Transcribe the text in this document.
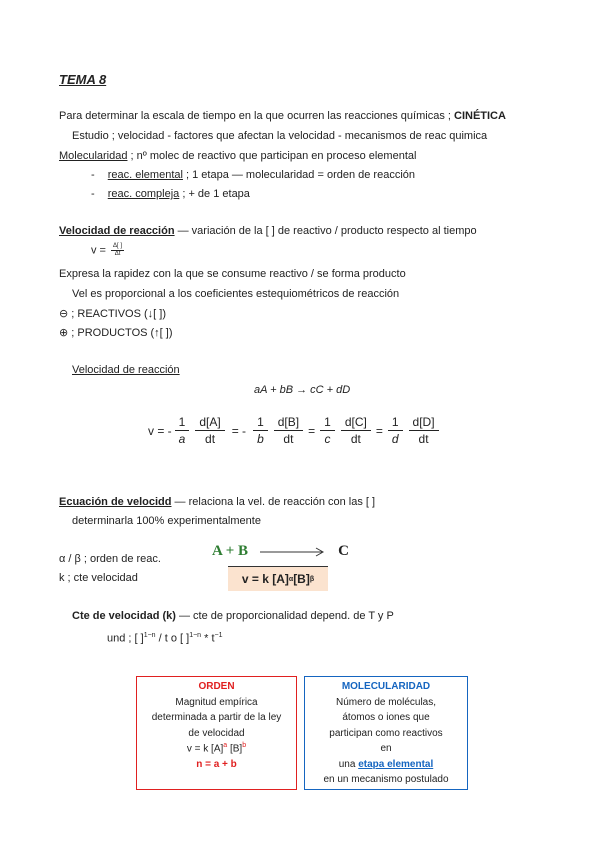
TEMA 8
Para determinar la escala de tiempo en la que ocurren las reacciones químicas ; CINÉTICA
Estudio ; velocidad - factores que afectan la velocidad - mecanismos de reac quimica
Molecularidad ; nº molec de reactivo que participan en proceso elemental
- reac. elemental ; 1 etapa — molecularidad = orden de reacción
- reac. compleja ; + de 1 etapa
Velocidad de reacción — variación de la [ ] de reactivo / producto respecto al tiempo
$v = \frac{\Delta[ ]}{\Delta t}$
Expresa la rapidez con la que se consume reactivo / se forma producto
Vel es proporcional a los coeficientes estequiométricos de reacción
⊖ ; REACTIVOS (↓[ ])
⊕ ; PRODUCTOS (↑[ ])
Velocidad de reacción
aA + bB → cC + dD
v = - $\frac{1}{a} \frac{d[A]}{dt}$ = - $\frac{1}{b} \frac{d[B]}{dt} = \frac{1}{c} \frac{d[C]}{dt} = \frac{1}{d} \frac{d[D]}{dt}$
Ecuación de velocidd — relaciona la vel. de reacción con las [ ]
determinarla 100% experimentalmente
α / β ; orden de reac.
k ; cte velocidad
A + B	C
v = k [A] α [B] β
Cte de velocidad (k) — cte de proporcionalidad depend. de T y P
und ; [ ]$^{1-n}$ / t o [ ]$^{1-n} * t^{-1}$
ORDEN
Magnitud empírica
determinada a partir de la ley
de velocidad
v = k $[A]^a$ $[B]^b$
n = a + b
MOLECULARIDAD
Número de moléculas,
átomos o iones que
participan como reactivos
en
una etapa elemental
en un mecanismo postulado
